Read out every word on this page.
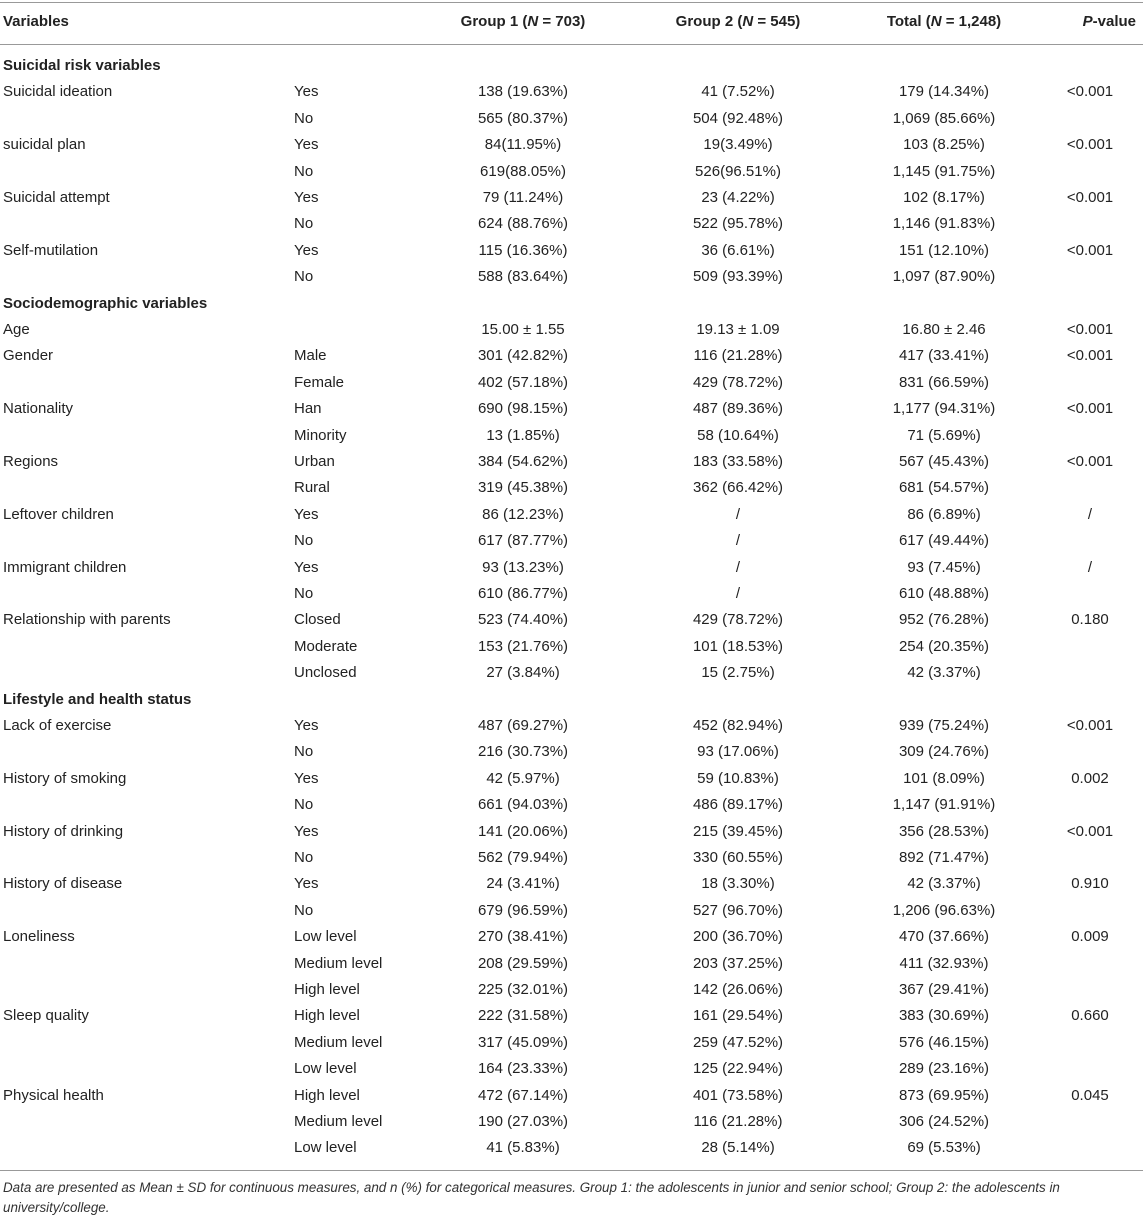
Variables	Group 1 (N = 703)	Group 2 (N = 545)	Total (N = 1,248)	P-value
Suicidal risk variables
Suicidal ideation	Yes	138 (19.63%)	41 (7.52%)	179 (14.34%)	<0.001
No	565 (80.37%)	504 (92.48%)	1,069 (85.66%)
suicidal plan	Yes	84(11.95%)	19(3.49%)	103 (8.25%)	<0.001
No	619(88.05%)	526(96.51%)	1,145 (91.75%)
Suicidal attempt	Yes	79 (11.24%)	23 (4.22%)	102 (8.17%)	<0.001
No	624 (88.76%)	522 (95.78%)	1,146 (91.83%)
Self-mutilation	Yes	115 (16.36%)	36 (6.61%)	151 (12.10%)	<0.001
No	588 (83.64%)	509 (93.39%)	1,097 (87.90%)
Sociodemographic variables
Age	15.00 ± 1.55	19.13 ± 1.09	16.80 ± 2.46	<0.001
Gender	Male	301 (42.82%)	116 (21.28%)	417 (33.41%)	<0.001
Female	402 (57.18%)	429 (78.72%)	831 (66.59%)
Nationality	Han	690 (98.15%)	487 (89.36%)	1,177 (94.31%)	<0.001
Minority	13 (1.85%)	58 (10.64%)	71 (5.69%)
Regions	Urban	384 (54.62%)	183 (33.58%)	567 (45.43%)	<0.001
Rural	319 (45.38%)	362 (66.42%)	681 (54.57%)
Leftover children	Yes	86 (12.23%)	/	86 (6.89%)	/
No	617 (87.77%)	/	617 (49.44%)
Immigrant children	Yes	93 (13.23%)	/	93 (7.45%)	/
No	610 (86.77%)	/	610 (48.88%)
Relationship with parents	Closed	523 (74.40%)	429 (78.72%)	952 (76.28%)	0.180
Moderate	153 (21.76%)	101 (18.53%)	254 (20.35%)
Unclosed	27 (3.84%)	15 (2.75%)	42 (3.37%)
Lifestyle and health status
Lack of exercise	Yes	487 (69.27%)	452 (82.94%)	939 (75.24%)	<0.001
No	216 (30.73%)	93 (17.06%)	309 (24.76%)
History of smoking	Yes	42 (5.97%)	59 (10.83%)	101 (8.09%)	0.002
No	661 (94.03%)	486 (89.17%)	1,147 (91.91%)
History of drinking	Yes	141 (20.06%)	215 (39.45%)	356 (28.53%)	<0.001
No	562 (79.94%)	330 (60.55%)	892 (71.47%)
History of disease	Yes	24 (3.41%)	18 (3.30%)	42 (3.37%)	0.910
No	679 (96.59%)	527 (96.70%)	1,206 (96.63%)
Loneliness	Low level	270 (38.41%)	200 (36.70%)	470 (37.66%)	0.009
Medium level	208 (29.59%)	203 (37.25%)	411 (32.93%)
High level	225 (32.01%)	142 (26.06%)	367 (29.41%)
Sleep quality	High level	222 (31.58%)	161 (29.54%)	383 (30.69%)	0.660
Medium level	317 (45.09%)	259 (47.52%)	576 (46.15%)
Low level	164 (23.33%)	125 (22.94%)	289 (23.16%)
Physical health	High level	472 (67.14%)	401 (73.58%)	873 (69.95%)	0.045
Medium level	190 (27.03%)	116 (21.28%)	306 (24.52%)
Low level	41 (5.83%)	28 (5.14%)	69 (5.53%)
Data are presented as Mean ± SD for continuous measures, and n (%) for categorical measures. Group 1: the adolescents in junior and senior school; Group 2: the adolescents in university/college.
